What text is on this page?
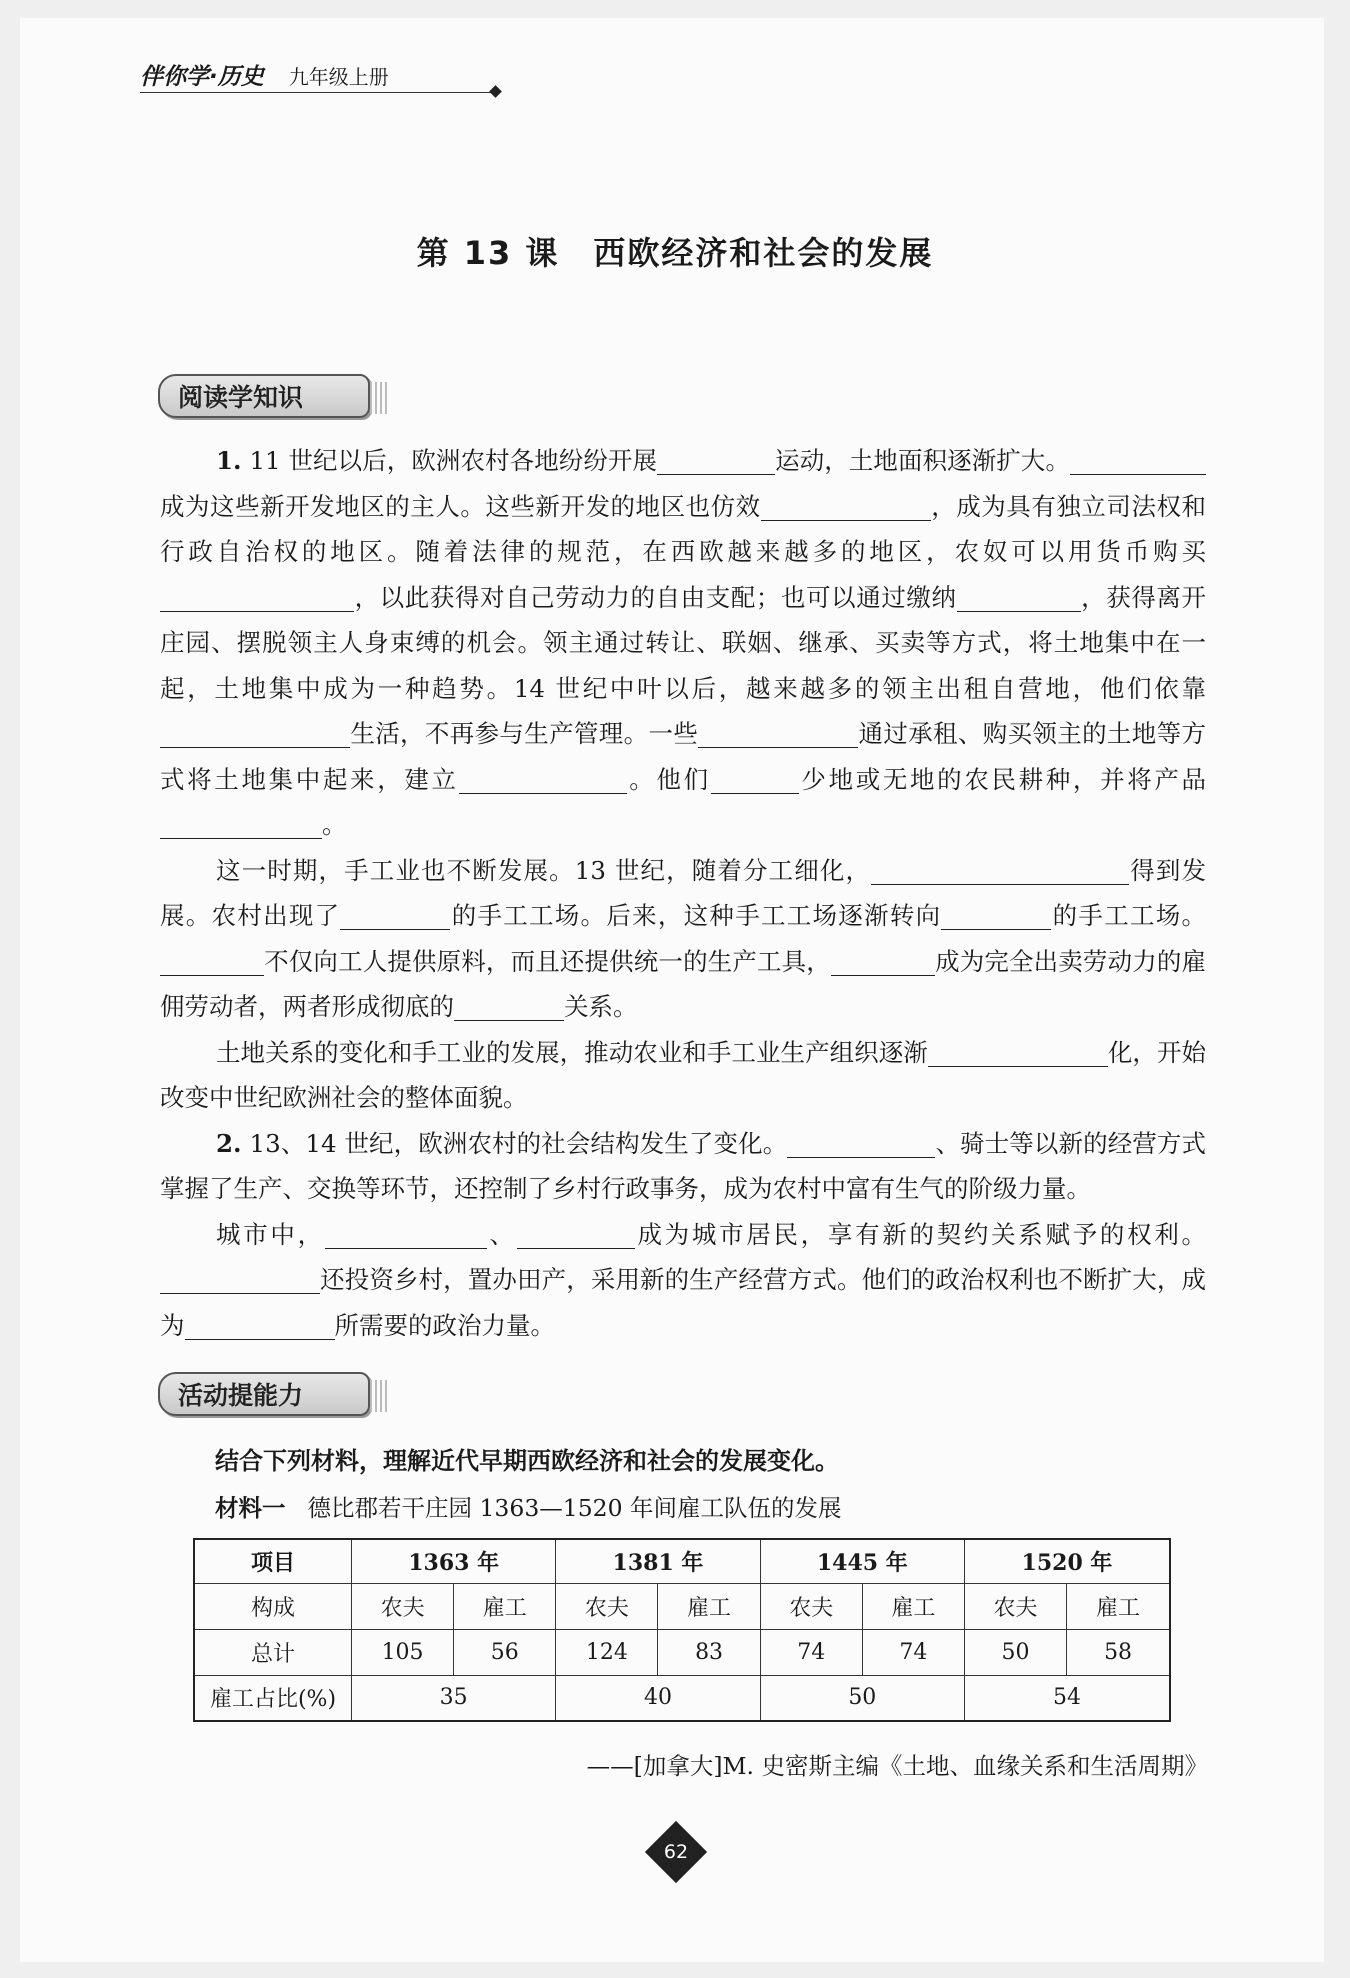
伴你学·历史 九年级上册
第 13 课　西欧经济和社会的发展
阅读学知识

1. 11 世纪以后，欧洲农村各地纷纷开展	运动，土地面积逐渐扩大。成为这些新开发地区的主人。这些新开发的地区也仿效	，成为具有独立司法权和行政自治权的地区。随着法律的规范，在西欧越来越多的地区，农奴可以用货币购买，以此获得对自己劳动力的自由支配；也可以通过缴纳	，获得离开庄园、摆脱领主人身束缚的机会。领主通过转让、联姻、继承、买卖等方式，将土地集中在一起，土地集中成为一种趋势。14 世纪中叶以后，越来越多的领主出租自营地，他们依靠生活，不再参与生产管理。一些	通过承租、购买领主的土地等方式将土地集中起来，建立	。他们	少地或无地的农民耕种，并将产品。

这一时期，手工业也不断发展。13 世纪，随着分工细化，	得到发展。农村出现了	的手工工场。后来，这种手工工场逐渐转向	的手工工场。不仅向工人提供原料，而且还提供统一的生产工具，	成为完全出卖劳动力的雇佣劳动者，两者形成彻底的	关系。

土地关系的变化和手工业的发展，推动农业和手工业生产组织逐渐	化，开始改变中世纪欧洲社会的整体面貌。

2. 13、14 世纪，欧洲农村的社会结构发生了变化。	、骑士等以新的经营方式掌握了生产、交换等环节，还控制了乡村行政事务，成为农村中富有生气的阶级力量。

城市中，	、	成为城市居民，享有新的契约关系赋予的权利。还投资乡村，置办田产，采用新的生产经营方式。他们的政治权利也不断扩大，成为	所需要的政治力量。

活动提能力
结合下列材料，理解近代早期西欧经济和社会的发展变化。
材料一 德比郡若干庄园 1363—1520 年间雇工队伍的发展
项目	1363 年		1381 年		1445 年		1520 年	
构成	农夫	雇工	农夫	雇工	农夫	雇工	农夫	雇工
总计	105	56	124	83	74	74	50	58
雇工占比(%)	35		40		50		54	
——[加拿大]M. 史密斯主编《土地、血缘关系和生活周期》
62
